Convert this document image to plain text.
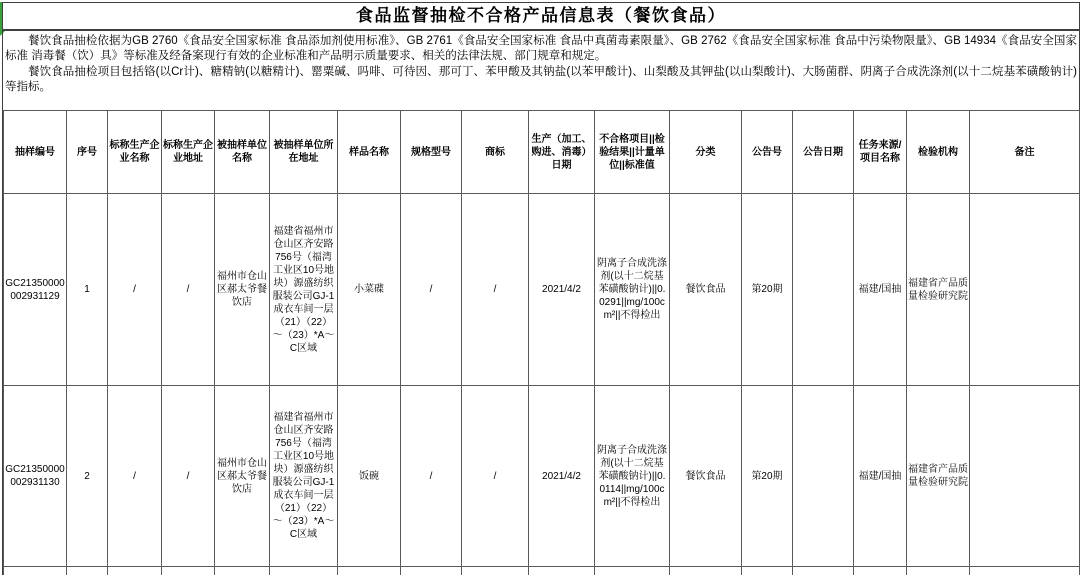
食品监督抽检不合格产品信息表（餐饮食品）

餐饮食品抽检依据为GB 2760《食品安全国家标准 食品添加剂使用标准》、GB 2761《食品安全国家标准 食品中真菌毒素限量》、GB 2762《食品安全国家标准 食品中污染物限量》、GB 14934《食品安全国家标准 消毒餐（饮）具》等标准及经备案现行有效的企业标准和产品明示质量要求、相关的法律法规、部门规章和规定。

餐饮食品抽检项目包括铬(以Cr计)、糖精钠(以糖精计)、罂粟碱、吗啡、可待因、那可丁、苯甲酸及其钠盐(以苯甲酸计)、山梨酸及其钾盐(以山梨酸计)、大肠菌群、阴离子合成洗涤剂(以十二烷基苯磺酸钠计)等指标。

抽样编号	序号	标称生产企业名称	标称生产企业地址	被抽样单位名称	被抽样单位所在地址	样品名称	规格型号	商标	生产（加工、购进、消毒）日期	不合格项目||检验结果||计量单位||标准值	分类	公告号	公告日期	任务来源/项目名称	检验机构	备注
GC21350000002931129	1	/	/	福州市仓山区郝太爷餐饮店	福建省福州市仓山区齐安路756号（福湾工业区10号地块）源盛纺织服装公司GJ-1成衣车间一层（21）（22）～（23）*A～C区域	小菜碟	/	/	2021/4/2	阴离子合成洗涤剂(以十二烷基苯磺酸钠计)||0.0291||mg/100cm²||不得检出	餐饮食品	第20期		福建/国抽	福建省产品质量检验研究院	
GC21350000002931130	2	/	/	福州市仓山区郝太爷餐饮店	福建省福州市仓山区齐安路756号（福湾工业区10号地块）源盛纺织服装公司GJ-1成衣车间一层（21）（22）～（23）*A～C区域	饭碗	/	/	2021/4/2	阴离子合成洗涤剂(以十二烷基苯磺酸钠计)||0.0114||mg/100cm²||不得检出	餐饮食品	第20期		福建/国抽	福建省产品质量检验研究院	
